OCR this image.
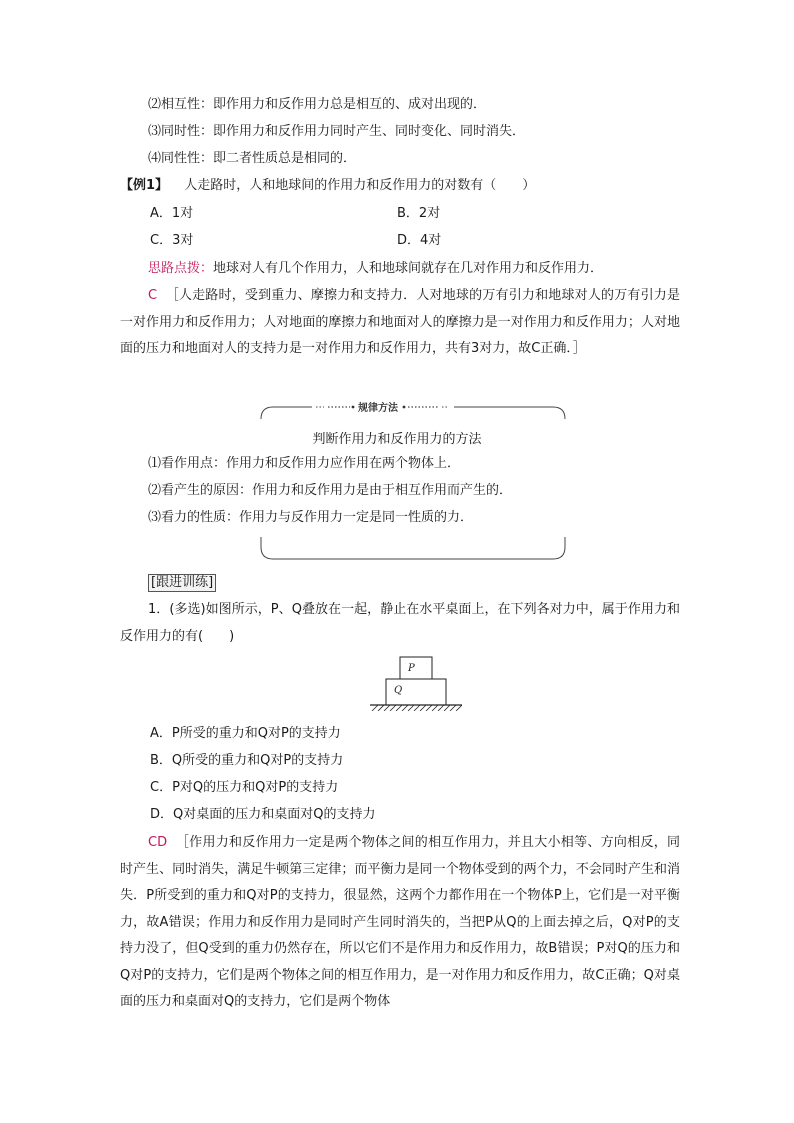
⑵相互性：即作用力和反作用力总是相互的、成对出现的．
⑶同时性：即作用力和反作用力同时产生、同时变化、同时消失．
⑷同性性：即二者性质总是相同的．
【例1】 人走路时，人和地球间的作用力和反作用力的对数有（　　）
A．1对	B．2对
C．3对	D．4对
思路点拨：地球对人有几个作用力，人和地球间就存在几对作用力和反作用力．
C ［人走路时，受到重力、摩擦力和支持力．人对地球的万有引力和地球对人的万有引力是一对作用力和反作用力；人对地面的摩擦力和地面对人的摩擦力是一对作用力和反作用力；人对地面的压力和地面对人的支持力是一对作用力和反作用力，共有3对力，故C正确．］
规律方法
判断作用力和反作用力的方法
⑴看作用点：作用力和反作用力应作用在两个物体上．
⑵看产生的原因：作用力和反作用力是由于相互作用而产生的．
⑶看力的性质：作用力与反作用力一定是同一性质的力．
[跟进训练]
1．(多选)如图所示，P、Q叠放在一起，静止在水平桌面上，在下列各对力中，属于作用力和反作用力的有(　　)
P
Q
A．P所受的重力和Q对P的支持力
B．Q所受的重力和Q对P的支持力
C．P对Q的压力和Q对P的支持力
D．Q对桌面的压力和桌面对Q的支持力
CD ［作用力和反作用力一定是两个物体之间的相互作用力，并且大小相等、方向相反，同时产生、同时消失，满足牛顿第三定律；而平衡力是同一个物体受到的两个力，不会同时产生和消失．P所受到的重力和Q对P的支持力，很显然，这两个力都作用在一个物体P上，它们是一对平衡力，故A错误；作用力和反作用力是同时产生同时消失的，当把P从Q的上面去掉之后，Q对P的支持力没了，但Q受到的重力仍然存在，所以它们不是作用力和反作用力，故B错误；P对Q的压力和Q对P的支持力，它们是两个物体之间的相互作用力，是一对作用力和反作用力，故C正确；Q对桌面的压力和桌面对Q的支持力，它们是两个物体
